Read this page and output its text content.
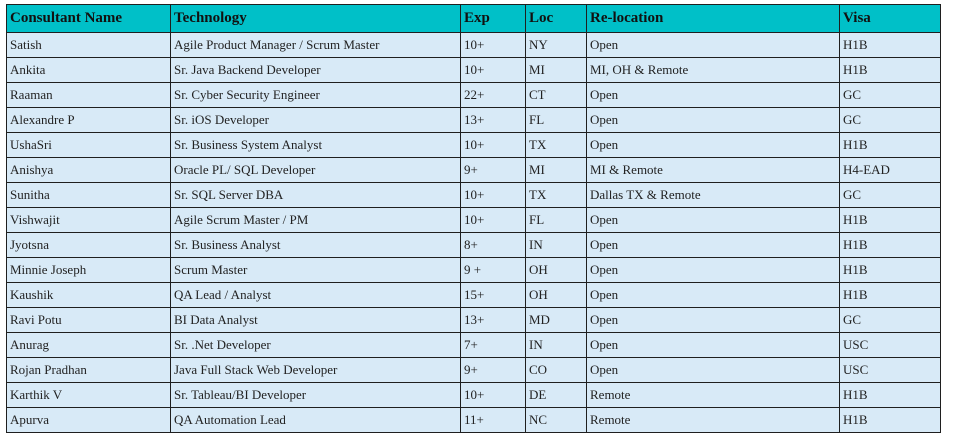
Consultant Name	Technology	Exp	Loc	Re-location	Visa
Satish	Agile Product Manager / Scrum Master	10+	NY	Open	H1B
Ankita	Sr. Java Backend Developer	10+	MI	MI, OH & Remote	H1B
Raaman	Sr. Cyber Security Engineer	22+	CT	Open	GC
Alexandre P	Sr. iOS Developer	13+	FL	Open	GC
UshaSri	Sr. Business System Analyst	10+	TX	Open	H1B
Anishya	Oracle PL/ SQL Developer	9+	MI	MI & Remote	H4-EAD
Sunitha	Sr. SQL Server DBA	10+	TX	Dallas TX & Remote	GC
Vishwajit	Agile Scrum Master / PM	10+	FL	Open	H1B
Jyotsna	Sr. Business Analyst	8+	IN	Open	H1B
Minnie Joseph	Scrum Master	9 +	OH	Open	H1B
Kaushik	QA Lead / Analyst	15+	OH	Open	H1B
Ravi Potu	BI Data Analyst	13+	MD	Open	GC
Anurag	Sr. .Net Developer	7+	IN	Open	USC
Rojan Pradhan	Java Full Stack Web Developer	9+	CO	Open	USC
Karthik V	Sr. Tableau/BI Developer	10+	DE	Remote	H1B
Apurva	QA Automation Lead	11+	NC	Remote	H1B
